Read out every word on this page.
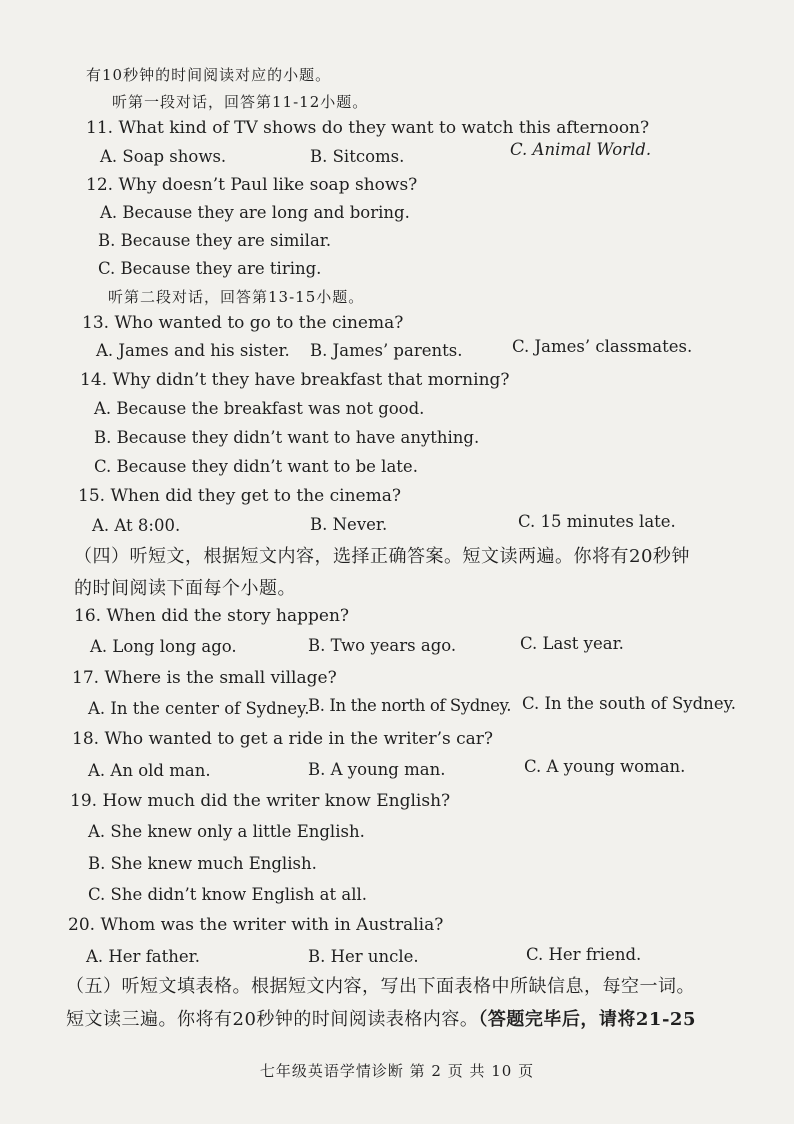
有10秒钟的时间阅读对应的小题。
听第一段对话，回答第11-12小题。
11. What kind of TV shows do they want to watch this afternoon?
A. Soap shows.	B. Sitcoms.	C. Animal World.
12. Why doesn’t Paul like soap shows?
A. Because they are long and boring.
B. Because they are similar.
C. Because they are tiring.
听第二段对话，回答第13-15小题。
13. Who wanted to go to the cinema?
A. James and his sister. B. James’ parents.	C. James’ classmates.
14. Why didn’t they have breakfast that morning?
A. Because the breakfast was not good.
B. Because they didn’t want to have anything.
C. Because they didn’t want to be late.
15. When did they get to the cinema?
A. At 8:00.	B. Never.	C. 15 minutes late.
（四）听短文，根据短文内容，选择正确答案。短文读两遍。你将有20秒钟
的时间阅读下面每个小题。
16. When did the story happen?
A. Long long ago.	B. Two years ago.	C. Last year.
17. Where is the small village?
A. In the center of Sydney.
B. In the north of Sydney. C. In the south of Sydney.
18. Who wanted to get a ride in the writer’s car?
A. An old man.	B. A young man.	C. A young woman.
19. How much did the writer know English?
A. She knew only a little English.
B. She knew much English.
C. She didn’t know English at all.
20. Whom was the writer with in Australia?
A. Her father.	B. Her uncle.	C. Her friend.
（五）听短文填表格。根据短文内容，写出下面表格中所缺信息，每空一词。
短文读三遍。你将有20秒钟的时间阅读表格内容。（答题完毕后，请将21-25
七年级英语学情诊断 第 2 页 共 10 页
